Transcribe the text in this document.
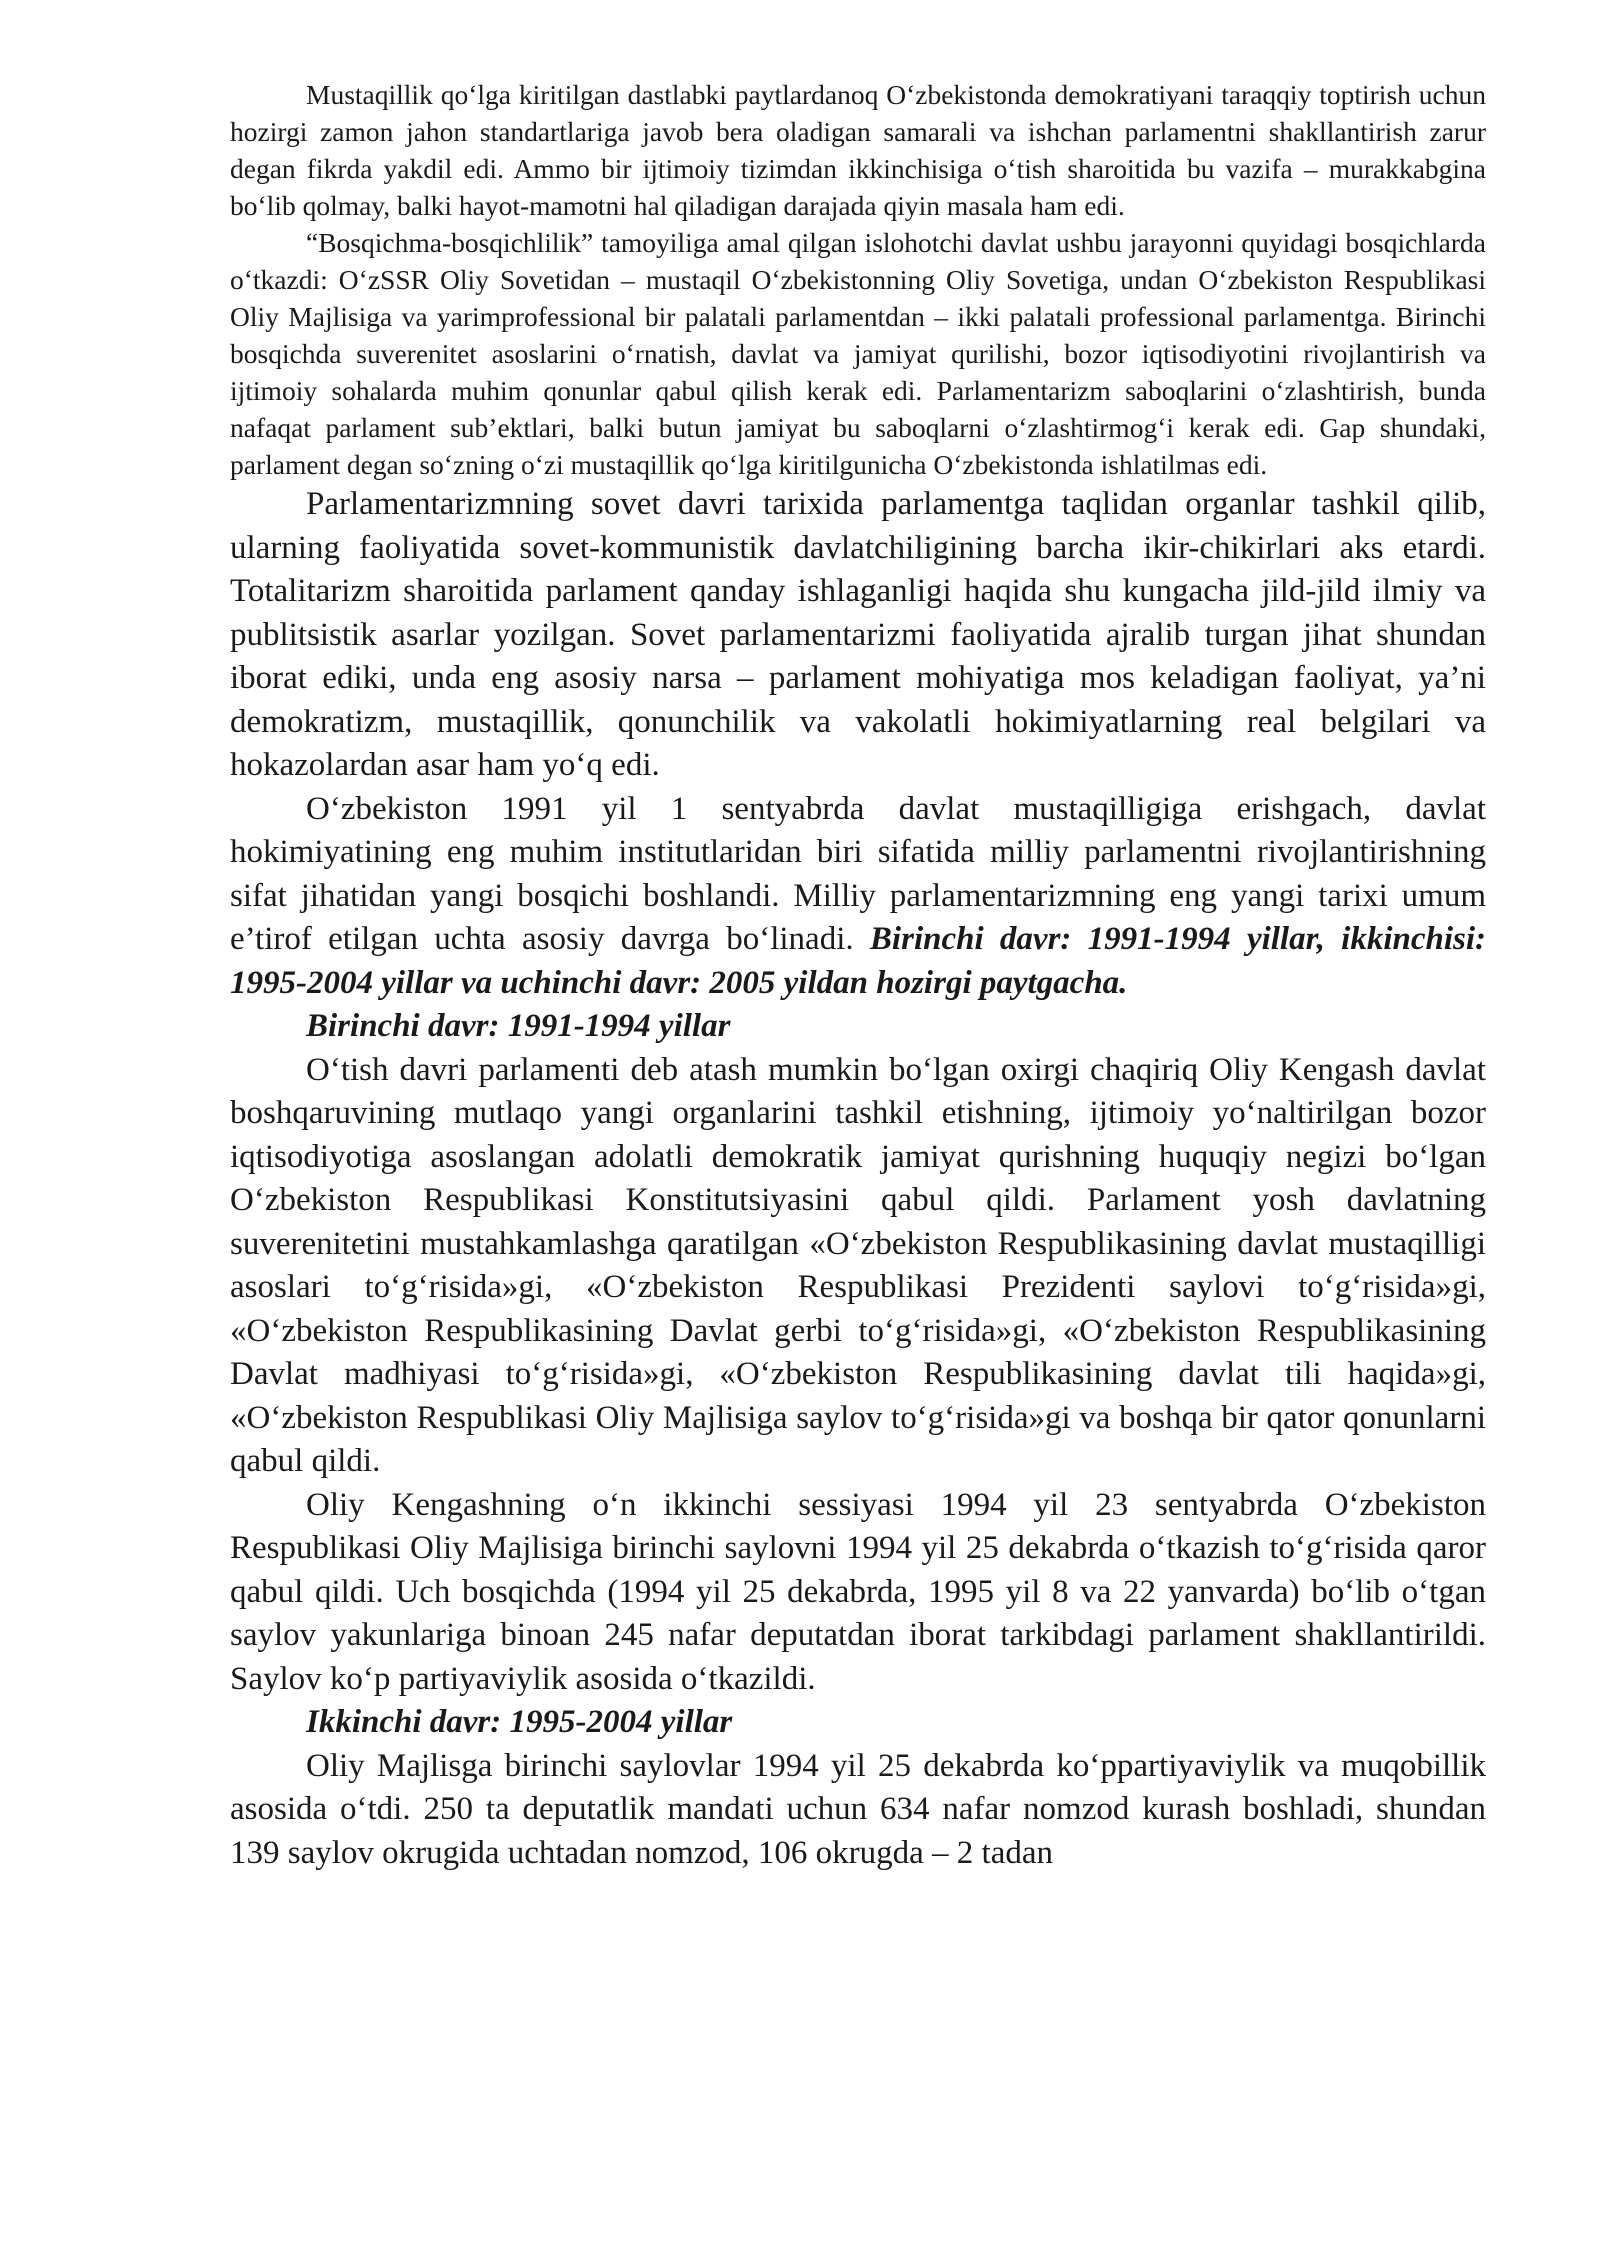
Mustaqillik qo‘lga kiritilgan dastlabki paytlardanoq O‘zbekistonda demokratiyani taraqqiy toptirish uchun hozirgi zamon jahon standartlariga javob bera oladigan samarali va ishchan parlamentni shakllantirish zarur degan fikrda yakdil edi. Ammo bir ijtimoiy tizimdan ikkinchisiga o‘tish sharoitida bu vazifa – murakkabgina bo‘lib qolmay, balki hayot-mamotni hal qiladigan darajada qiyin masala ham edi.

“Bosqichma-bosqichlilik” tamoyiliga amal qilgan islohotchi davlat ushbu jarayonni quyidagi bosqichlarda o‘tkazdi: O‘zSSR Oliy Sovetidan – mustaqil O‘zbekistonning Oliy Sovetiga, undan O‘zbekiston Respublikasi Oliy Majlisiga va yarimprofessional bir palatali parlamentdan – ikki palatali professional parlamentga. Birinchi bosqichda suverenitet asoslarini o‘rnatish, davlat va jamiyat qurilishi, bozor iqtisodiyotini rivojlantirish va ijtimoiy sohalarda muhim qonunlar qabul qilish kerak edi. Parlamentarizm saboqlarini o‘zlashtirish, bunda nafaqat parlament sub’ektlari, balki butun jamiyat bu saboqlarni o‘zlashtirmog‘i kerak edi. Gap shundaki, parlament degan so‘zning o‘zi mustaqillik qo‘lga kiritilgunicha O‘zbekistonda ishlatilmas edi.

Parlamentarizmning sovet davri tarixida parlamentga taqlidan organlar tashkil qilib, ularning faoliyatida sovet-kommunistik davlatchiligining barcha ikir-chikirlari aks etardi. Totalitarizm sharoitida parlament qanday ishlaganligi haqida shu kungacha jild-jild ilmiy va publitsistik asarlar yozilgan. Sovet parlamentarizmi faoliyatida ajralib turgan jihat shundan iborat ediki, unda eng asosiy narsa – parlament mohiyatiga mos keladigan faoliyat, ya’ni demokratizm, mustaqillik, qonunchilik va vakolatli hokimiyatlarning real belgilari va hokazolardan asar ham yo‘q edi.

O‘zbekiston 1991 yil 1 sentyabrda davlat mustaqilligiga erishgach, davlat hokimiyatining eng muhim institutlaridan biri sifatida milliy parlamentni rivojlantirishning sifat jihatidan yangi bosqichi boshlandi. Milliy parlamentarizmning eng yangi tarixi umum e’tirof etilgan uchta asosiy davrga bo‘linadi. Birinchi davr: 1991-1994 yillar, ikkinchisi: 1995-2004 yillar va uchinchi davr: 2005 yildan hozirgi paytgacha.

Birinchi davr: 1991-1994 yillar

O‘tish davri parlamenti deb atash mumkin bo‘lgan oxirgi chaqiriq Oliy Kengash davlat boshqaruvining mutlaqo yangi organlarini tashkil etishning, ijtimoiy yo‘naltirilgan bozor iqtisodiyotiga asoslangan adolatli demokratik jamiyat qurishning huquqiy negizi bo‘lgan O‘zbekiston Respublikasi Konstitutsiyasini qabul qildi. Parlament yosh davlatning suverenitetini mustahkamlashga qaratilgan «O‘zbekiston Respublikasining davlat mustaqilligi asoslari to‘g‘risida»gi, «O‘zbekiston Respublikasi Prezidenti saylovi to‘g‘risida»gi, «O‘zbekiston Respublikasining Davlat gerbi to‘g‘risida»gi, «O‘zbekiston Respublikasining Davlat madhiyasi to‘g‘risida»gi, «O‘zbekiston Respublikasining davlat tili haqida»gi, «O‘zbekiston Respublikasi Oliy Majlisiga saylov to‘g‘risida»gi va boshqa bir qator qonunlarni qabul qildi.

Oliy Kengashning o‘n ikkinchi sessiyasi 1994 yil 23 sentyabrda O‘zbekiston Respublikasi Oliy Majlisiga birinchi saylovni 1994 yil 25 dekabrda o‘tkazish to‘g‘risida qaror qabul qildi. Uch bosqichda (1994 yil 25 dekabrda, 1995 yil 8 va 22 yanvarda) bo‘lib o‘tgan saylov yakunlariga binoan 245 nafar deputatdan iborat tarkibdagi parlament shakllantirildi. Saylov ko‘p partiyaviylik asosida o‘tkazildi.

Ikkinchi davr: 1995-2004 yillar

Oliy Majlisga birinchi saylovlar 1994 yil 25 dekabrda ko‘ppartiyaviylik va muqobillik asosida o‘tdi. 250 ta deputatlik mandati uchun 634 nafar nomzod kurash boshladi, shundan 139 saylov okrugida uchtadan nomzod, 106 okrugda – 2 tadan
